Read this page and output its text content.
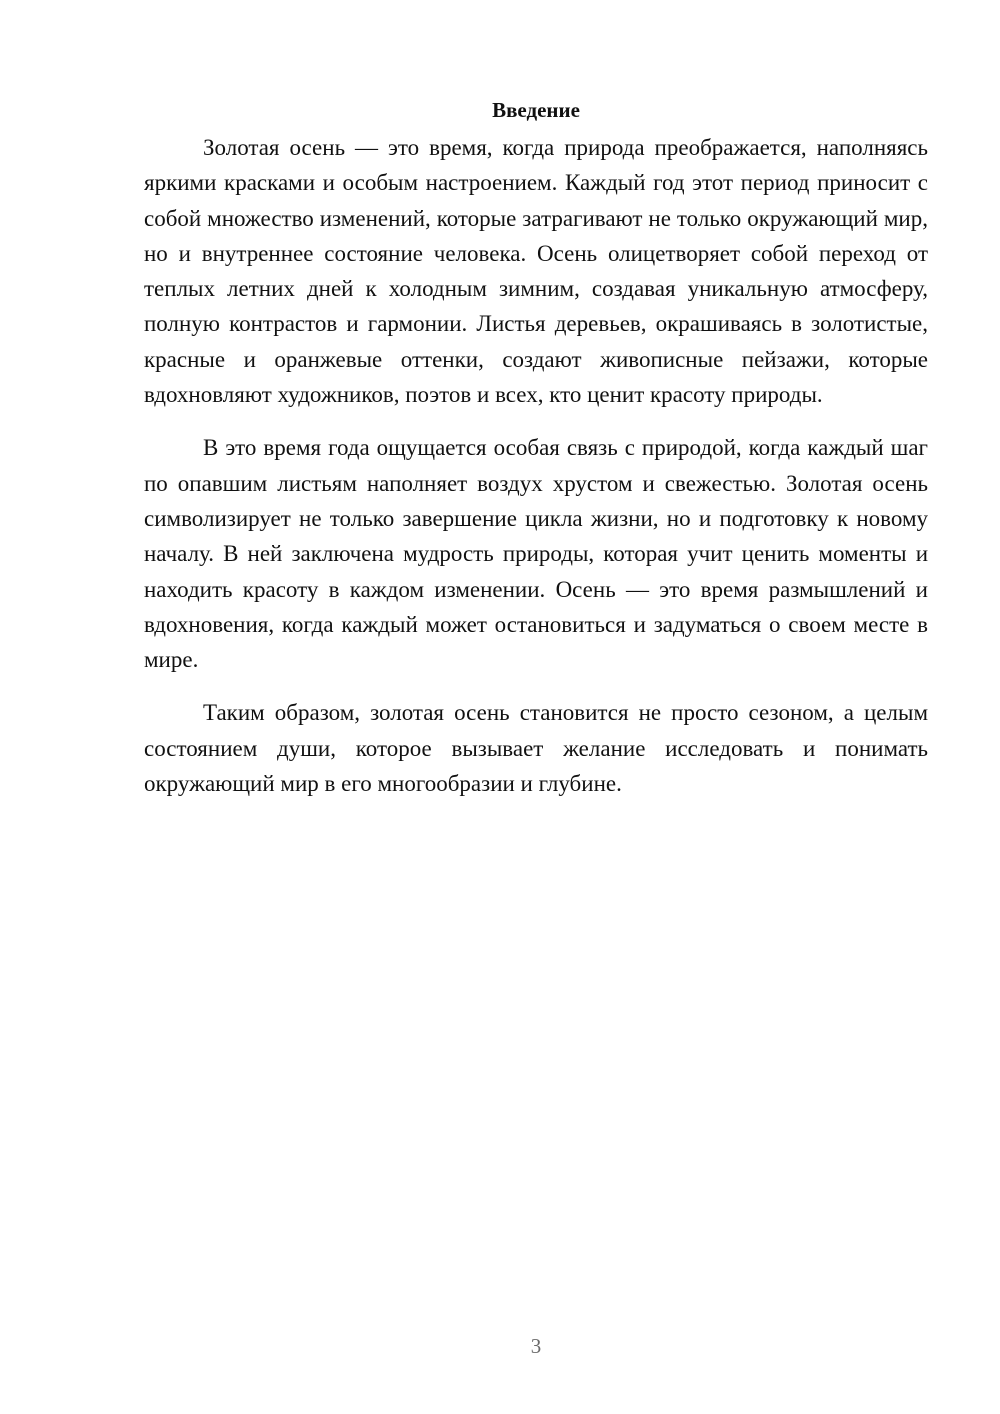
Введение

Золотая осень — это время, когда природа преображается, наполняясь яркими красками и особым настроением. Каждый год этот период приносит с собой множество изменений, которые затрагивают не только окружающий мир, но и внутреннее состояние человека. Осень олицетворяет собой переход от теплых летних дней к холодным зимним, создавая уникальную атмосферу, полную контрастов и гармонии. Листья деревьев, окрашиваясь в золотистые, красные и оранжевые оттенки, создают живописные пейзажи, которые вдохновляют художников, поэтов и всех, кто ценит красоту природы.

В это время года ощущается особая связь с природой, когда каждый шаг по опавшим листьям наполняет воздух хрустом и свежестью. Золотая осень символизирует не только завершение цикла жизни, но и подготовку к новому началу. В ней заключена мудрость природы, которая учит ценить моменты и находить красоту в каждом изменении. Осень — это время размышлений и вдохновения, когда каждый может остановиться и задуматься о своем месте в мире.

Таким образом, золотая осень становится не просто сезоном, а целым состоянием души, которое вызывает желание исследовать и понимать окружающий мир в его многообразии и глубине.

3
